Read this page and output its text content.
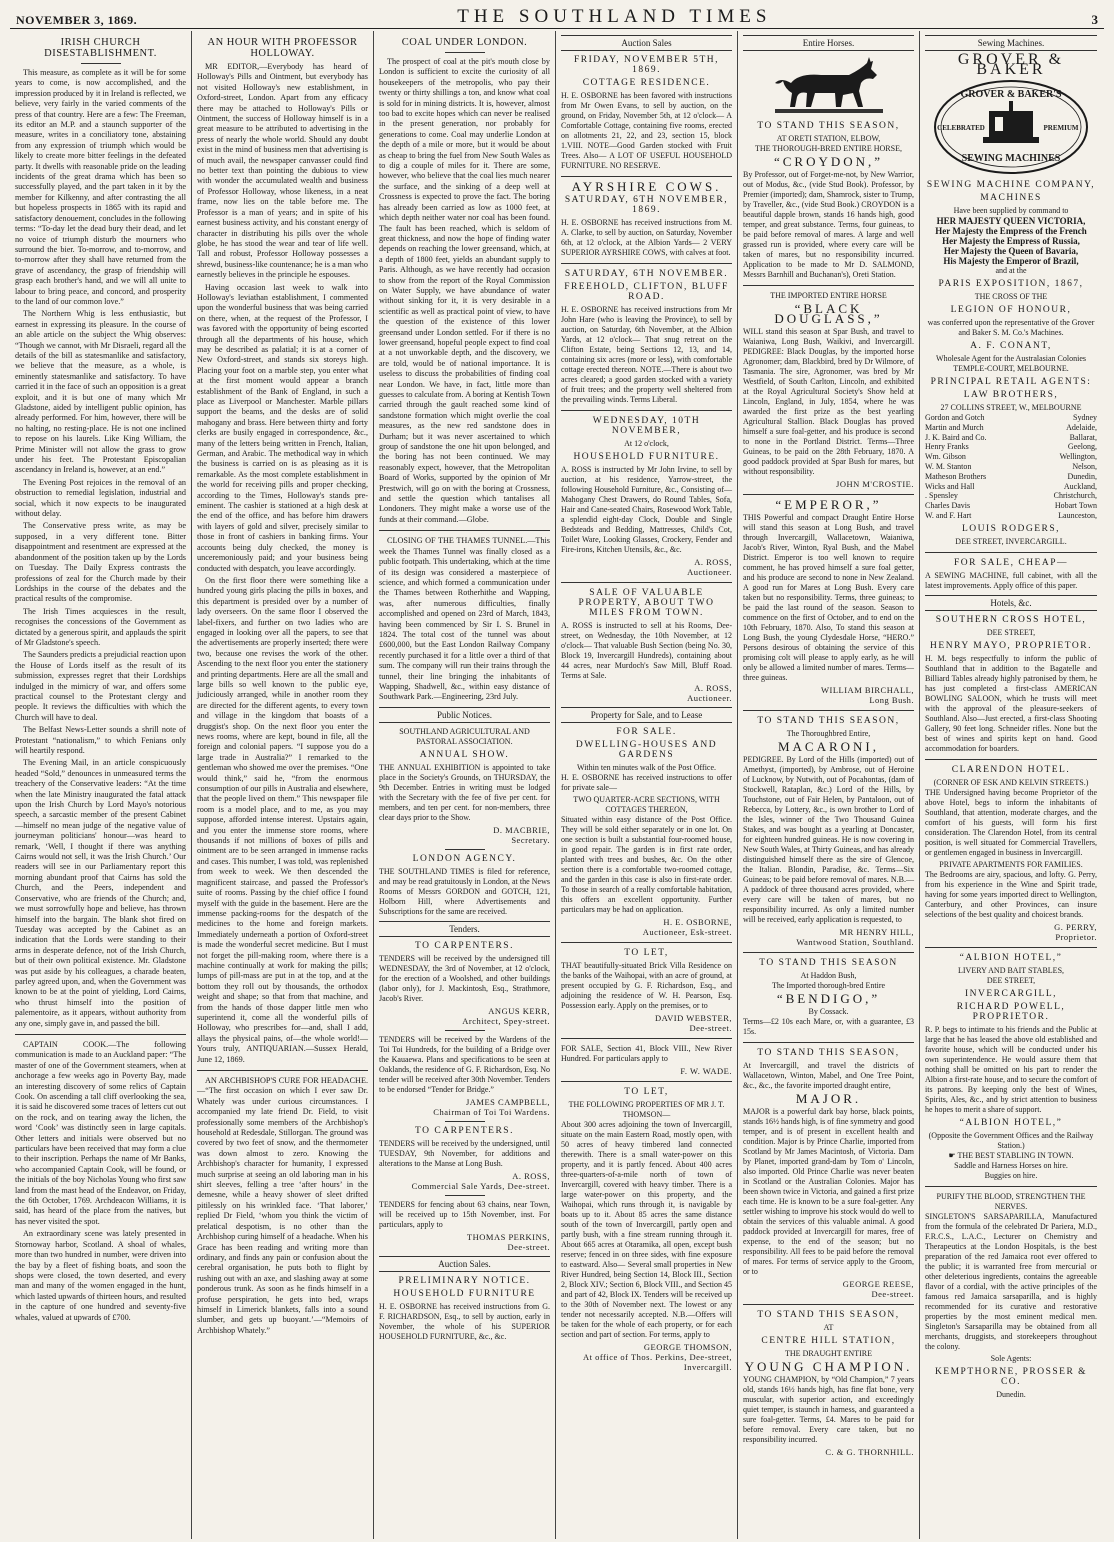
NOVEMBER 3, 1869.	THE SOUTHLAND TIMES	3
IRISH CHURCH DISESTABLISHMENT.

This measure, as complete as it will be for some years to come, is now accomplished, and the impression produced by it in Ireland is reflected, we believe, very fairly in the varied comments of the press of that country. Here are a few: The Freeman, its editor an M.P. and a staunch supporter of the measure, writes in a conciliatory tone, abstaining from any expression of triumph which would be likely to create more bitter feelings in the defeated party. It dwells with reasonable pride on the leading incidents of the great drama which has been so successfully played, and the part taken in it by the member for Kilkenny, and after contrasting the all but hopeless prospects in 1865 with its rapid and satisfactory denouement, concludes in the following terms: “To-day let the dead bury their dead, and let no voice of triumph disturb the mourners who surround the bier. To-morrow, and to-morrow, and to-morrow after they shall have returned from the grave of ascendancy, the grasp of friendship will grasp each brother's hand, and we will all unite to labour to bring peace, and concord, and prosperity to the land of our common love.”

The Northern Whig is less enthusiastic, but earnest in expressing its pleasure. In the course of an able article on the subject the Whig observes: “Though we cannot, with Mr Disraeli, regard all the details of the bill as statesmanlike and satisfactory, we believe that the measure, as a whole, is eminently statesmanlike and satisfactory. To have carried it in the face of such an opposition is a great exploit, and it is but one of many which Mr Gladstone, aided by intelligent public opinion, has already performed. For him, however, there will be no halting, no resting-place. He is not one inclined to repose on his laurels. Like King William, the Prime Minister will not allow the grass to grow under his feet. The Protestant Episcopalian ascendancy in Ireland is, however, at an end.”

The Evening Post rejoices in the removal of an obstruction to remedial legislation, industrial and social, which it now expects to be inaugurated without delay.

The Conservative press write, as may be supposed, in a very different tone. Bitter disappointment and resentment are expressed at the abandonment of the position taken up by the Lords on Tuesday. The Daily Express contrasts the professions of zeal for the Church made by their Lordships in the course of the debates and the practical results of the compromise.

The Irish Times acquiesces in the result, recognises the concessions of the Government as dictated by a generous spirit, and applauds the spirit of Mr Gladstone's speech.

The Saunders predicts a prejudicial reaction upon the House of Lords itself as the result of its submission, expresses regret that their Lordships indulged in the mimicry of war, and offers some practical counsel to the Protestant clergy and people. It reviews the difficulties with which the Church will have to deal.

The Belfast News-Letter sounds a shrill note of Protestant “nationalism,” to which Fenians only will heartily respond.

The Evening Mail, in an article conspicuously headed “Sold,” denounces in unmeasured terms the treachery of the Conservative leaders: “At the time when the late Ministry inaugurated the fatal attack upon the Irish Church by Lord Mayo's notorious speech, a sarcastic member of the present Cabinet—himself no mean judge of the negative value of journeyman politicians' honour—was heard to remark, ‘Well, I thought if there was anything Cairns would not sell, it was the Irish Church.’ Our readers will see in our Parliamentary report this morning abundant proof that Cairns has sold the Church, and the Peers, independent and Conservative, who are friends of the Church; and, we must sorrowfully hope and believe, has thrown himself into the bargain. The blank shot fired on Tuesday was accepted by the Cabinet as an indication that the Lords were standing to their arms in desperate defence, not of the Irish Church, but of their own political existence. Mr. Gladstone was put aside by his colleagues, a charade beaten, parley agreed upon, and, when the Government was known to be at the point of yielding, Lord Cairns, who thrust himself into the position of palementoire, as it appears, without authority from any one, simply gave in, and passed the bill.

CAPTAIN COOK.—The following communication is made to an Auckland paper: “The master of one of the Government steamers, when at anchorage a few weeks ago in Poverty Bay, made an interesting discovery of some relics of Captain Cook. On ascending a tall cliff overlooking the sea, it is said he discovered some traces of letters cut out on the rock, and on tearing away the lichen, the word ‘Cook’ was distinctly seen in large capitals. Other letters and initials were observed but no particulars have been received that may form a clue to their inscription. Perhaps the name of Mr Banks, who accompanied Captain Cook, will be found, or the initials of the boy Nicholas Young who first saw land from the mast head of the Endeavor, on Friday, the 6th October, 1769. Archdeacon Williams, it is said, has heard of the place from the natives, but has never visited the spot.

An extraordinary scene was lately presented in Stornoway harbor, Scotland. A shoal of whales, more than two hundred in number, were driven into the bay by a fleet of fishing boats, and soon the shops were closed, the town deserted, and every man and many of the women engaged in the hunt, which lasted upwards of thirteen hours, and resulted in the capture of one hundred and seventy-five whales, valued at upwards of £700.

AN HOUR WITH PROFESSOR HOLLOWAY.

MR EDITOR,—Everybody has heard of Holloway's Pills and Ointment, but everybody has not visited Holloway's new establishment, in Oxford-street, London. Apart from any efficacy there may be attached to Holloway's Pills or Ointment, the success of Holloway himself is in a great measure to be attributed to advertising in the press of nearly the whole world. Should any doubt exist in the mind of business men that advertising is of much avail, the newspaper canvasser could find no better text than pointing the dubious to view with wonder the accumulated wealth and business of Professor Holloway, whose likeness, in a neat frame, now lies on the table before me. The Professor is a man of years; and in spite of his earnest business activity, and his constant energy of character in distributing his pills over the whole globe, he has stood the wear and tear of life well. Tall and robust, Professor Holloway possesses a shrewd, business-like countenance; he is a man who earnestly believes in the principle he espouses.

Having occasion last week to walk into Holloway's leviathan establishment, I commented upon the wonderful business that was being carried on there, when, at the request of the Professor, I was favored with the opportunity of being escorted through all the departments of his house, which may be described as palatial; it is at a corner of New Oxford-street, and stands six storeys high. Placing your foot on a marble step, you enter what at the first moment would appear a branch establishment of the Bank of England, in such a place as Liverpool or Manchester. Marble pillars support the beams, and the desks are of solid mahogany and brass. Here between thirty and forty clerks are busily engaged in correspondence, &c., many of the letters being written in French, Italian, German, and Arabic. The methodical way in which the business is carried on is as pleasing as it is remarkable. As the most complete establishment in the world for receiving pills and proper checking, according to the Times, Holloway's stands pre-eminent. The cashier is stationed at a high desk at the end of the office, and has before him drawers with layers of gold and silver, precisely similar to those in front of cashiers in banking firms. Your accounts being duly checked, the money is unceremoniously paid; and your business being conducted with despatch, you leave accordingly.

On the first floor there were something like a hundred young girls placing the pills in boxes, and this department is presided over by a number of lady overseers. On the same floor I observed the label-fixers, and further on two ladies who are engaged in looking over all the papers, to see that the advertisements are properly inserted; there were two, because one revises the work of the other. Ascending to the next floor you enter the stationery and printing departments. Here are all the small and large bills so well known to the public eye, judiciously arranged, while in another room they are directed for the different agents, to every town and village in the kingdom that boasts of a druggist's shop. On the next floor you enter the news rooms, where are kept, bound in file, all the foreign and colonial papers. “I suppose you do a large trade in Australia?” I remarked to the gentleman who showed me over the premises. “One would think,” said he, “from the enormous consumption of our pills in Australia and elsewhere, that the people lived on them.” This newspaper file room is a model place, and to me, as you may suppose, afforded intense interest. Upstairs again, and you enter the immense store rooms, where thousands if not millions of boxes of pills and ointment are to be seen arranged in immense racks and cases. This number, I was told, was replenished from week to week. We then descended the magnificent staircase, and passed the Professor's suite of rooms. Passing by the chief office I found myself with the guide in the basement. Here are the immense packing-rooms for the despatch of the medicines to the home and foreign markets. Immediately underneath a portion of Oxford-street is made the wonderful secret medicine. But I must not forget the pill-making room, where there is a machine continually at work for making the pills; lumps of pill-mass are put in at the top, and at the bottom they roll out by thousands, the orthodox weight and shape; so that from that machine, and from the hands of those dapper little men who superintend it, come all the wonderful pills of Holloway, who prescribes for—and, shall I add, allays the physical pains, of—the whole world!—Yours truly, ANTIQUARIAN.—Sussex Herald, June 12, 1869.

AN ARCHBISHOP'S CURE FOR HEADACHE.—“The first occasion on which I ever saw Dr. Whately was under curious circumstances. I accompanied my late friend Dr. Field, to visit professionally some members of the Archbishop's household at Redesdale, Stillorgan. The ground was covered by two feet of snow, and the thermometer was down almost to zero. Knowing the Archbishop's character for humanity, I expressed much surprise at seeing an old laboring man in his shirt sleeves, felling a tree ‘after hours’ in the demesne, while a heavy shower of sleet drifted pitilessly on his wrinkled face. ‘That laborer,’ replied Dr Field, ‘whom you think the victim of prelatical despotism, is no other than the Archbishop curing himself of a headache. When his Grace has been reading and writing more than ordinary, and finds any pain or confusion about the cerebral organisation, he puts both to flight by rushing out with an axe, and slashing away at some ponderous trunk. As soon as he finds himself in a profuse perspiration, he gets into bed, wraps himself in Limerick blankets, falls into a sound slumber, and gets up buoyant.’—“Memoirs of Archbishop Whately.”

COAL UNDER LONDON.

The prospect of coal at the pit's mouth close by London is sufficient to excite the curiosity of all housekeepers of the metropolis, who pay their twenty or thirty shillings a ton, and know what coal is sold for in mining districts. It is, however, almost too bad to excite hopes which can never be realised in the present generation, nor probably for generations to come. Coal may underlie London at the depth of a mile or more, but it would be about as cheap to bring the fuel from New South Wales as to dig a couple of miles for it. There are some, however, who believe that the coal lies much nearer the surface, and the sinking of a deep well at Crossness is expected to prove the fact. The boring has already been carried as low as 1000 feet, at which depth neither water nor coal has been found. The fault has been reached, which is seldom of great thickness, and now the hope of finding water depends on reaching the lower greensand, which, at a depth of 1800 feet, yields an abundant supply to Paris. Although, as we have recently had occasion to show from the report of the Royal Commission on Water Supply, we have abundance of water without sinking for it, it is very desirable in a scientific as well as practical point of view, to have the question of the existence of this lower greensand under London settled. For if there is no lower greensand, hopeful people expect to find coal at a not unworkable depth, and the discovery, we are told, would be of national importance. It is useless to discuss the probabilities of finding coal near London. We have, in fact, little more than guesses to calculate from. A boring at Kentish Town carried through the gault reached some kind of sandstone formation which might overlie the coal measures, as the new red sandstone does in Durham; but it was never ascertained to which group of sandstone the one hit upon belonged, and the boring has not been continued. We may reasonably expect, however, that the Metropolitan Board of Works, supported by the opinion of Mr Prestwich, will go on with the boring at Crossness, and settle the question which tantalises all Londoners. They might make a worse use of the funds at their command.—Globe.

CLOSING OF THE THAMES TUNNEL.—This week the Thames Tunnel was finally closed as a public footpath. This undertaking, which at the time of its design was considered a masterpiece of science, and which formed a communication under the Thames between Rotherhithe and Wapping, was, after numerous difficulties, finally accomplished and opened on 23rd of March, 1843, having been commenced by Sir I. S. Brunel in 1824. The total cost of the tunnel was about £600,000, but the East London Railway Company recently purchased it for a little over a third of that sum. The company will run their trains through the tunnel, their line bringing the inhabitants of Wapping, Shadwell, &c., within easy distance of Southwark Park.—Engineering, 23rd July.

Public Notices.
SOUTHLAND AGRICULTURAL AND PASTORAL ASSOCIATION.
ANNUAL SHOW.

THE ANNUAL EXHIBITION is appointed to take place in the Society's Grounds, on THURSDAY, the 9th December. Entries in writing must be lodged with the Secretary with the fee of five per cent. for members, and ten per cent. for non-members, three clear days prior to the Show.

D. MACBRIE,
Secretary.
LONDON AGENCY.

THE SOUTHLAND TIMES is filed for reference, and may be read gratuitously in London, at the News Rooms of Messrs GORDON and GOTCH, 121, Holborn Hill, where Advertisements and Subscriptions for the same are received.

Tenders.
TO CARPENTERS.

TENDERS will be received by the undersigned till WEDNESDAY, the 3rd of November, at 12 o'clock, for the erection of a Woolshed, and other buildings (labor only), for J. Mackintosh, Esq., Strathmore, Jacob's River.

ANGUS KERR,
Architect, Spey-street.

TENDERS will be received by the Wardens of the Toi Toi Hundreds, for the building of a Bridge over the Kauaewa. Plans and specifications to be seen at Oaklands, the residence of G. F. Richardson, Esq. No tender will be received after 30th November. Tenders to be endorsed “Tender for Bridge.”

JAMES CAMPBELL,
Chairman of Toi Toi Wardens.
TO CARPENTERS.

TENDERS will be received by the undersigned, until TUESDAY, 9th November, for additions and alterations to the Manse at Long Bush.

A. ROSS,
Commercial Sale Yards, Dee-street.

TENDERS for fencing about 63 chains, near Town, will be received up to 15th November, inst. For particulars, apply to

THOMAS PERKINS,
Dee-street.
Auction Sales.
PRELIMINARY NOTICE.
HOUSEHOLD FURNITURE

H. E. OSBORNE has received instructions from G. F. RICHARDSON, Esq., to sell by auction, early in November, the whole of his SUPERIOR HOUSEHOLD FURNITURE, &c., &c.

Auction Sales
FRIDAY, NOVEMBER 5TH, 1869.
COTTAGE RESIDENCE.

H. E. OSBORNE has been favored with instructions from Mr Owen Evans, to sell by auction, on the ground, on Friday, November 5th, at 12 o'clock— A Comfortable Cottage, containing five rooms, erected on allotments 21, 22, and 23, section 15, block 1.VIII. NOTE—Good Garden stocked with Fruit Trees. Also— A LOT OF USEFUL HOUSEHOLD FURNITURE. NO RESERVE.

AYRSHIRE COWS.
SATURDAY, 6TH NOVEMBER, 1869.

H. E. OSBORNE has received instructions from M. A. Clarke, to sell by auction, on Saturday, November 6th, at 12 o'clock, at the Albion Yards— 2 VERY SUPERIOR AYRSHIRE COWS, with calves at foot.

SATURDAY, 6TH NOVEMBER.
FREEHOLD, CLIFTON, BLUFF ROAD.

H. E. OSBORNE has received instructions from Mr John Hare (who is leaving the Province), to sell by auction, on Saturday, 6th November, at the Albion Yards, at 12 o'clock— That snug retreat on the Clifton Estate, being Sections 12, 13, and 14, containing six acres (more or less), with comfortable cottage erected thereon. NOTE.—There is about two acres cleared; a good garden stocked with a variety of fruit trees; and the property well sheltered from the prevailing winds. Terms Liberal.

WEDNESDAY, 10TH NOVEMBER,
At 12 o'clock,
HOUSEHOLD FURNITURE.

A. ROSS is instructed by Mr John Irvine, to sell by auction, at his residence, Yarrow-street, the following Household Furniture, &c., Consisting of— Mahogany Chest Drawers, do Round Tables, Sofa, Hair and Cane-seated Chairs, Rosewood Work Table, a splendid eight-day Clock, Double and Single Bedsteads and Bedding, Mattresses, Child's Cot, Toilet Ware, Looking Glasses, Crockery, Fender and Fire-irons, Kitchen Utensils, &c., &c.

A. ROSS,
Auctioneer.
SALE OF VALUABLE PROPERTY, ABOUT TWO MILES FROM TOWN.

A. ROSS is instructed to sell at his Rooms, Dee-street, on Wednesday, the 10th November, at 12 o'clock— That valuable Bush Section (being No. 30, Block 19, Invercargill Hundreds), containing about 44 acres, near Murdoch's Saw Mill, Bluff Road. Terms at Sale.

A. ROSS,
Auctioneer.
Property for Sale, and to Lease
FOR SALE.
DWELLING-HOUSES AND GARDENS
Within ten minutes walk of the Post Office.

H. E. OSBORNE has received instructions to offer for private sale—

TWO QUARTER-ACRE SECTIONS, WITH COTTAGES THEREON,

Situated within easy distance of the Post Office. They will be sold either separately or in one lot. On one section is built a substantial four-roomed house, in good repair. The garden is in first rate order, planted with trees and bushes, &c. On the other section there is a comfortable two-roomed cottage, and the garden in this case is also in first-rate order. To those in search of a really comfortable habitation, this offers an excellent opportunity. Further particulars may be had on application.

H. E. OSBORNE,
Auctioneer, Esk-street.
TO LET,

THAT beautifully-situated Brick Villa Residence on the banks of the Waihopai, with an acre of ground, at present occupied by G. F. Richardson, Esq., and adjoining the residence of W. H. Pearson, Esq. Possession early. Apply on the premises, or to

DAVID WEBSTER,
Dee-street.

FOR SALE, Section 41, Block VIII., New River Hundred. For particulars apply to

F. W. WADE.
TO LET,
THE FOLLOWING PROPERTIES OF MR J. T. THOMSON—

About 300 acres adjoining the town of Invercargill, situate on the main Eastern Road, mostly open, with 50 acres of heavy timbered land connected therewith. There is a small water-power on this property, and it is partly fenced. About 400 acres three-quarters-of-a-mile north of town of Invercargill, covered with heavy timber. There is a large water-power on this property, and the Waihopai, which runs through it, is navigable by boats up to it. About 85 acres the same distance south of the town of Invercargill, partly open and partly bush, with a fine stream running through it. About 665 acres at Otaramika, all open, except bush reserve; fenced in on three sides, with fine exposure to eastward. Also— Several small properties in New River Hundred, being Section 14, Block III., Section 2, Block XIV.; Section 6, Block VIII., and Section 45 and part of 42, Block IX. Tenders will be received up to the 30th of November next. The lowest or any tender not necessarily accepted. N.B.—Offers will be taken for the whole of each property, or for each section and part of section. For terms, apply to

GEORGE THOMSON,
At office of Thos. Perkins, Dee-street, Invercargill.
Entire Horses.
TO STAND THIS SEASON,
AT ORETI STATION, ELBOW,
THE THOROUGH-BRED ENTIRE HORSE,
“CROYDON,”

By Professor, out of Forget-me-not, by New Warrior, out of Modus, &c., (vide Stud Book). Professor, by Premier (imported); dam, Shamrock, sister to Trump, by Traveller, &c., (vide Stud Book.) CROYDON is a beautiful dapple brown, stands 16 hands high, good temper, and great substance. Terms, four guineas, to be paid before removal of mares. A large and well grassed run is provided, where every care will be taken of mares, but no responsibility incurred. Application to be made to Mr D. SALMOND, Messrs Barnhill and Buchanan's), Oreti Station.

THE IMPORTED ENTIRE HORSE
“BLACK DOUGLASS,”

WILL stand this season at Spar Bush, and travel to Waianiwa, Long Bush, Waikivi, and Invercargill. PEDIGREE: Black Douglas, by the imported horse Agronomer; dam, Blackbird, bred by Dr Wilmore, of Tasmania. The sire, Agronomer, was bred by Mr Westfield, of South Carlton, Lincoln, and exhibited at the Royal Agricultural Society's Show held at Lincoln, England, in July, 1854, where he was awarded the first prize as the best yearling Agricultural Stallion. Black Douglas has proved himself a sure foal-getter, and his produce is second to none in the Portland District. Terms—Three Guineas, to be paid on the 28th February, 1870. A good paddock provided at Spar Bush for mares, but without responsibility.

JOHN M'CROSTIE.
“EMPEROR,”

THIS Powerful and compact Draught Entire Horse will stand this season at Long Bush, and travel through Invercargill, Wallacetown, Waianiwa, Jacob's River, Winton, Ryal Bush, and the Mabel District. Emperor is too well known to require comment, he has proved himself a sure foal getter, and his produce are second to none in New Zealand. A good run for Mares at Long Bush. Every care taken but no responsibility. Terms, three guineas; to be paid the last round of the season. Season to commence on the first of October, and to end on the 10th February, 1870. Also, To stand this season at Long Bush, the young Clydesdale Horse, “HERO.” Persons desirous of obtaining the service of this promising colt will please to apply early, as he will only be allowed a limited number of mares. Terms—three guineas.

WILLIAM BIRCHALL,
Long Bush.
TO STAND THIS SEASON,
The Thoroughbred Entire,
MACARONI,

PEDIGREE. By Lord of the Hills (imported) out of Amethyst, (imported), by Ambrose, out of Heroine of Lucknow, by Nutwith, out of Pocahontas, (dam of Stockwell, Rataplan, &c.) Lord of the Hills, by Touchstone, out of Fair Helen, by Pantaloon, out of Rebecca, by Lottery, &c., is own brother to Lord of the Isles, winner of the Two Thousand Guinea Stakes, and was bought as a yearling at Doncaster, for eighteen hundred guineas. He is now covering in New South Wales, at Thirty Guineas, and has already distinguished himself there as the sire of Glencoe, the Italian. Blondin, Paradise, &c. Terms—Six Guineas; to be paid before removal of mares. N.B.—A paddock of three thousand acres provided, where every care will be taken of mares, but no responsibility incurred. As only a limited number will be received, early application is requested, to

MR HENRY HILL,
Wantwood Station, Southland.
TO STAND THIS SEASON
At Haddon Bush,
The Imported thorough-bred Entire
“BENDIGO,”
By Cossack.

Terms—£2 10s each Mare, or, with a guarantee, £3 15s.

TO STAND THIS SEASON,

At Invercargill, and travel the districts of Wallacetown, Winton, Mabel, and One Tree Point, &c., &c., the favorite imported draught entire,

MAJOR.

MAJOR is a powerful dark bay horse, black points, stands 16½ hands high, is of fine symmetry and good temper, and is of present in excellent health and condition. Major is by Prince Charlie, imported from Scotland by Mr James Macintosh, of Victoria. Dam by Planet, imported grand-dam by Tom o' Lincoln, also imported. Old Prince Charlie was never beaten in Scotland or the Australian Colonies. Major has been shown twice in Victoria, and gained a first prize each time. He is known to be a sure foal-getter. Any settler wishing to improve his stock would do well to obtain the services of this valuable animal. A good paddock provided at Invercargill for mares, free of expense, to the end of the season; but no responsibility. All fees to be paid before the removal of mares. For terms of service apply to the Groom, or to

GEORGE REESE,
Dee-street.
TO STAND THIS SEASON,
AT
CENTRE HILL STATION,
THE DRAUGHT ENTIRE
YOUNG CHAMPION.

YOUNG CHAMPION, by “Old Champion,” 7 years old, stands 16½ hands high, has fine flat bone, very muscular, with superior action, and exceedingly quiet temper, is staunch in harness, and guaranteed a sure foal-getter. Terms, £4. Mares to be paid for before removal. Every care taken, but no responsibility incurred.

C. & G. THORNHILL.
Sewing Machines.
GROVER & BAKER
GROVER & BAKER'S
CELEBRATED	PREMIUM
SEWING MACHINES
SEWING MACHINE COMPANY,
MACHINES
Have been supplied by command to
HER MAJESTY QUEEN VICTORIA,
Her Majesty the Empress of the French
Her Majesty the Empress of Russia,
Her Majesty the Queen of Bavaria,
His Majesty the Emperor of Brazil,
and at the
PARIS EXPOSITION, 1867,
THE CROSS OF THE
LEGION OF HONOUR,
was conferred upon the representative of the Grover and Baker S. M. Co.'s Machines.
A. F. CONANT,
Wholesale Agent for the Australasian Colonies
TEMPLE-COURT, MELBOURNE.
PRINCIPAL RETAIL AGENTS:
LAW BROTHERS,
27 COLLINS STREET, W., MELBOURNE
Gordon and Gotch	Sydney
Martin and Murch	Adelaide,
J. K. Baird and Co.	Ballarat,
Henry Franks	Geelong,
Wm. Gibson	Wellington,
W. M. Stanton	Nelson,
Matheson Brothers	Dunedin,
Wicks and Hall	Auckland,
. Spensley	Christchurch,
Charles Davis	Hobart Town
W. and F. Hart	Launceston,
LOUIS RODGERS,
DEE STREET, INVERCARGILL.
FOR SALE, CHEAP—

A SEWING MACHINE, full cabinet, with all the latest improvements. Apply office of this paper.

Hotels, &c.
SOUTHERN CROSS HOTEL,
DEE STREET,
HENRY MAYO, PROPRIETOR.

H. M. begs respectfully to inform the public of Southland that in addition to the Bagatelle and Billiard Tables already highly patronised by them, he has just completed a first-class AMERICAN BOWLING SALOON, which he trusts will meet with the approval of the pleasure-seekers of Southland. Also—Just erected, a first-class Shooting Gallery, 90 feet long. Schneider rifles. None but the best of wines and spirits kept on hand. Good accommodation for boarders.

CLARENDON HOTEL.
(CORNER OF ESK AND KELVIN STREETS.)

THE Undersigned having become Proprietor of the above Hotel, begs to inform the inhabitants of Southland, that attention, moderate charges, and the comfort of his guests, will form his first consideration. The Clarendon Hotel, from its central position, is well situated for Commercial Travellers, or gentlemen engaged in business in Invercargill.

PRIVATE APARTMENTS FOR FAMILIES.

The Bedrooms are airy, spacious, and lofty. G. Perry, from his experience in the Wine and Spirit trade, having for some years imported direct to Wellington, Canterbury, and other Provinces, can insure selections of the best quality and choicest brands.

G. PERRY,
Proprietor.
“ALBION HOTEL,”
LIVERY AND BAIT STABLES,
DEE STREET,
INVERCARGILL,
RICHARD POWELL, PROPRIETOR.

R. P. begs to intimate to his friends and the Public at large that he has leased the above old established and favorite house, which will be conducted under his own superintendence. He would assure them that nothing shall be omitted on his part to render the Albion a first-rate house, and to secure the comfort of its patrons. By keeping only the best of Wines, Spirits, Ales, &c., and by strict attention to business he hopes to merit a share of support.

“ALBION HOTEL,”
(Opposite the Government Offices and the Railway Station.)
☛ THE BEST STABLING IN TOWN.
Saddle and Harness Horses on hire.
Buggies on hire.
PURIFY THE BLOOD, STRENGTHEN THE NERVES.

SINGLETON'S SARSAPARILLA, Manufactured from the formula of the celebrated Dr Pariera, M.D., F.R.C.S., L.A.C., Lecturer on Chemistry and Therapeutics at the London Hospitals, is the best preparation of the red Jamaica root ever offered to the public; it is warranted free from mercurial or other deleterious ingredients, contains the agreeable flavor of a cordial, with the active principles of the famous red Jamaica sarsaparilla, and is highly recommended for its curative and restorative properties by the most eminent medical men. Singleton's Sarsaparilla may be obtained from all merchants, druggists, and storekeepers throughout the colony.

Sole Agents:
KEMPTHORNE, PROSSER & CO.
Dunedin.
